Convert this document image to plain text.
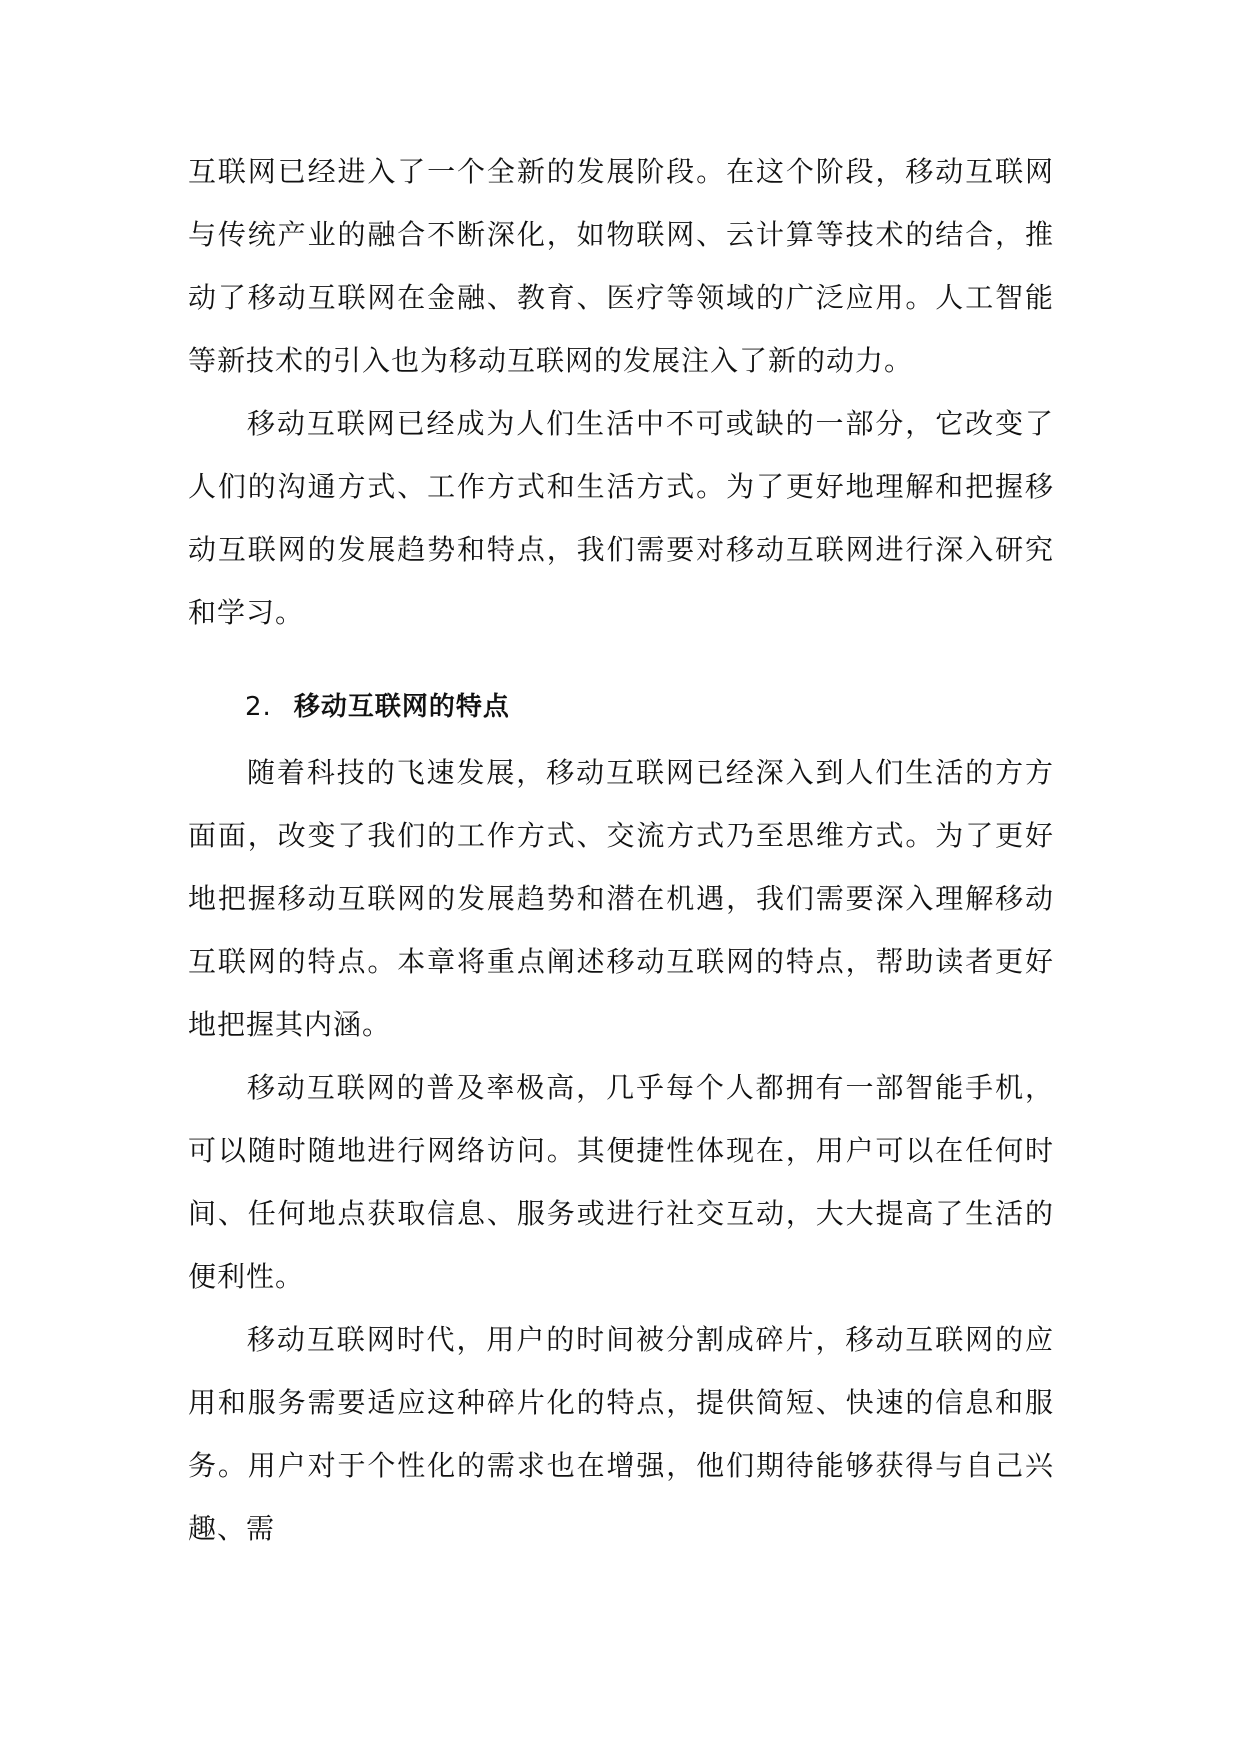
互联网已经进入了一个全新的发展阶段。在这个阶段，移动互联网与传统产业的融合不断深化，如物联网、云计算等技术的结合，推动了移动互联网在金融、教育、医疗等领域的广泛应用。人工智能等新技术的引入也为移动互联网的发展注入了新的动力。

移动互联网已经成为人们生活中不可或缺的一部分，它改变了人们的沟通方式、工作方式和生活方式。为了更好地理解和把握移动互联网的发展趋势和特点，我们需要对移动互联网进行深入研究和学习。

2. 移动互联网的特点

随着科技的飞速发展，移动互联网已经深入到人们生活的方方面面，改变了我们的工作方式、交流方式乃至思维方式。为了更好地把握移动互联网的发展趋势和潜在机遇，我们需要深入理解移动互联网的特点。本章将重点阐述移动互联网的特点，帮助读者更好地把握其内涵。

移动互联网的普及率极高，几乎每个人都拥有一部智能手机，可以随时随地进行网络访问。其便捷性体现在，用户可以在任何时间、任何地点获取信息、服务或进行社交互动，大大提高了生活的便利性。

移动互联网时代，用户的时间被分割成碎片，移动互联网的应用和服务需要适应这种碎片化的特点，提供简短、快速的信息和服务。用户对于个性化的需求也在增强，他们期待能够获得与自己兴趣、需
